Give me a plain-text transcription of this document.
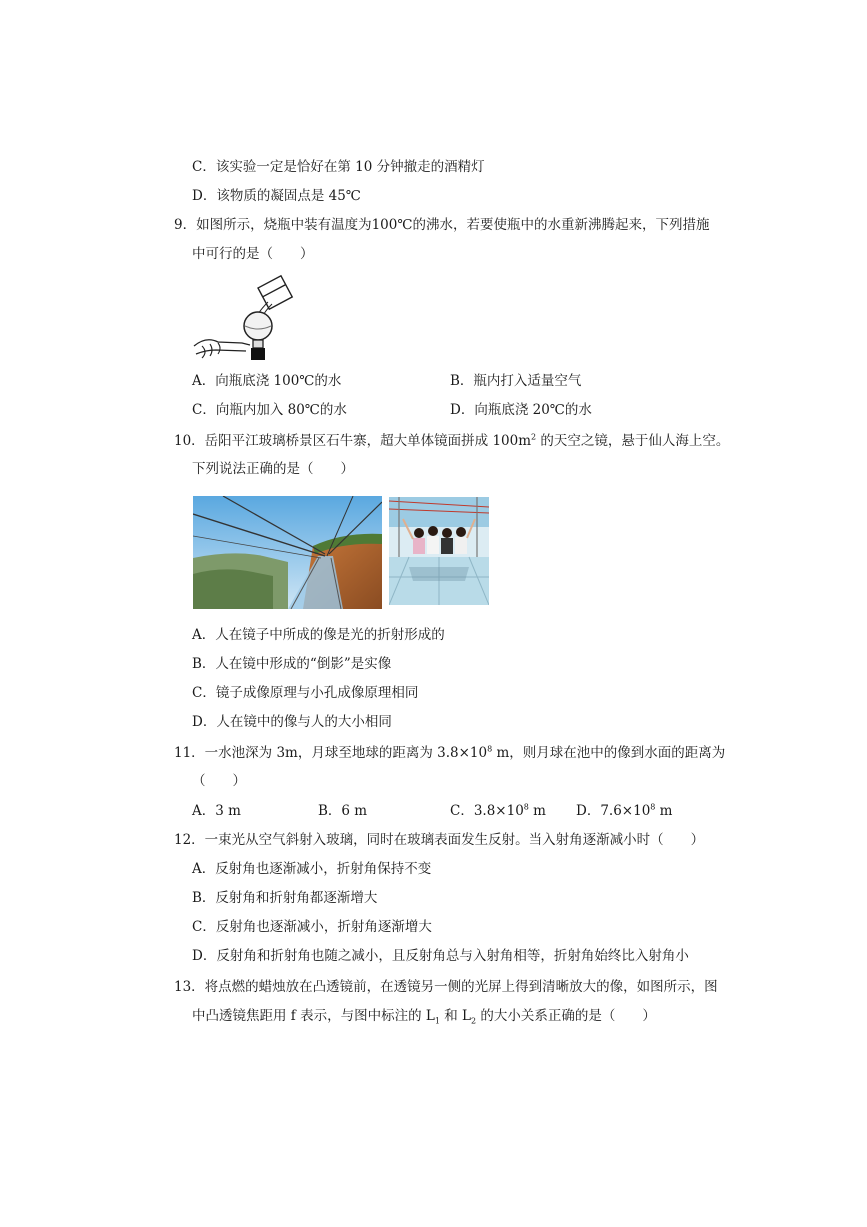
C．该实验一定是恰好在第 10 分钟撤走的酒精灯
D．该物质的凝固点是 45℃
9．如图所示，烧瓶中装有温度为100℃的沸水，若要使瓶中的水重新沸腾起来，下列措施
中可行的是（　　）
A．向瓶底浇 100℃的水	B．瓶内打入适量空气
C．向瓶内加入 80℃的水	D．向瓶底浇 20℃的水
10．岳阳平江玻璃桥景区石牛寨，超大单体镜面拼成 $100m^2$ 的天空之镜，悬于仙人海上空。
下列说法正确的是（　　）
A．人在镜子中所成的像是光的折射形成的
B．人在镜中形成的“倒影”是实像
C．镜子成像原理与小孔成像原理相同
D．人在镜中的像与人的大小相同
11．一水池深为 3m，月球至地球的距离为 $3.8\times 10^8$ m，则月球在池中的像到水面的距离为
（　　）
A．3 m	B．6 m	C．$3.8\times 10^8$ m D．$7.6\times 10^8$ m
12．一束光从空气斜射入玻璃，同时在玻璃表面发生反射。当入射角逐渐减小时（　　）
A．反射角也逐渐减小，折射角保持不变
B．反射角和折射角都逐渐增大
C．反射角也逐渐减小，折射角逐渐增大
D．反射角和折射角也随之减小，且反射角总与入射角相等，折射角始终比入射角小
13．将点燃的蜡烛放在凸透镜前，在透镜另一侧的光屏上得到清晰放大的像，如图所示，图
中凸透镜焦距用 f 表示，与图中标注的 $L_1$ 和 $L_2$ 的大小关系正确的是（　　）
